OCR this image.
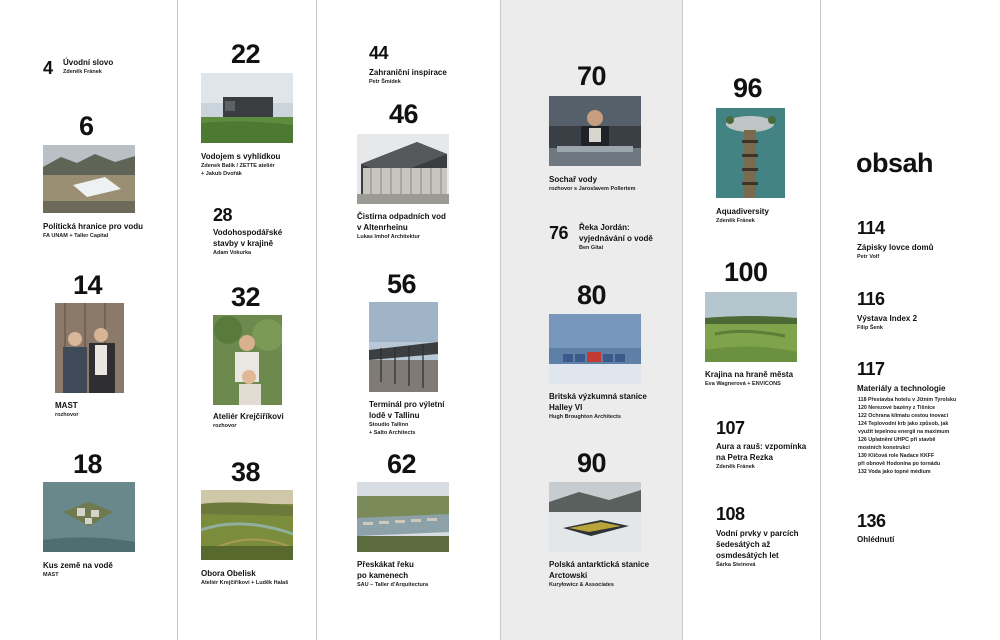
4 Úvodní slovo
Zdeněk Fránek
6
Politická hranice pro vodu
FA UNAM + Taller Capital
14
MAST
rozhovor
18
Kus země na vodě
MAST
22
Vodojem s vyhlídkou
Zdenek Balík / ZETTE ateliér
+ Jakub Dvořák
28
Vodohospodářské
stavby v krajině
Adam Vokurka
32
Ateliér Krejčiříkovi
rozhovor
38
Obora Obelisk
Ateliér Krejčiříkovi + Luděk Halaš
44
Zahraniční inspirace
Petr Šmídek
46
Čistírna odpadních vod
v Altenrheinu
Lukas Imhof Architektur
56
Terminál pro výletní
lodě v Tallinu
Stoudio Tallinn
+ Salto Architects
62
Přeskákat řeku
po kamenech
SAU – Taller d’Arquitectura
70
Sochař vody
rozhovor s Jaroslavem Pollertem
76 Řeka Jordán:
vyjednávání o vodě
Ben Gitai
80
Britská výzkumná stanice
Halley VI
Hugh Broughton Architects
90
Polská antarktická stanice
Arctowski
Kuryłowicz & Associates
96
Aquadiversity
Zdeněk Fránek
100
Krajina na hraně města
Eva Wagnerová + ENVICONS
107
Aura a rauš: vzpomínka
na Petra Rezka
Zdeněk Fránek
108
Vodní prvky v parcích
šedesátých až
osmdesátých let
Šárka Steinová
obsah
114
Zápisky lovce domů
Petr Volf
116
Výstava Index 2
Filip Šenk
117
Materiály a technologie
118 Přestavba hotelu v Jižním Tyrolsku
120 Nerezové bazény z Tišnice
122 Ochrana klimatu cestou inovací
124 Teplovodní krb jako způsob, jak
využít tepelnou energii na maximum
126 Uplatnění UHPC při stavbě
mostních konstrukcí
130 Klíčová role Nadace KKFF
při obnově Hodonína po tornádu
132 Voda jako topné médium
136
Ohlédnutí
